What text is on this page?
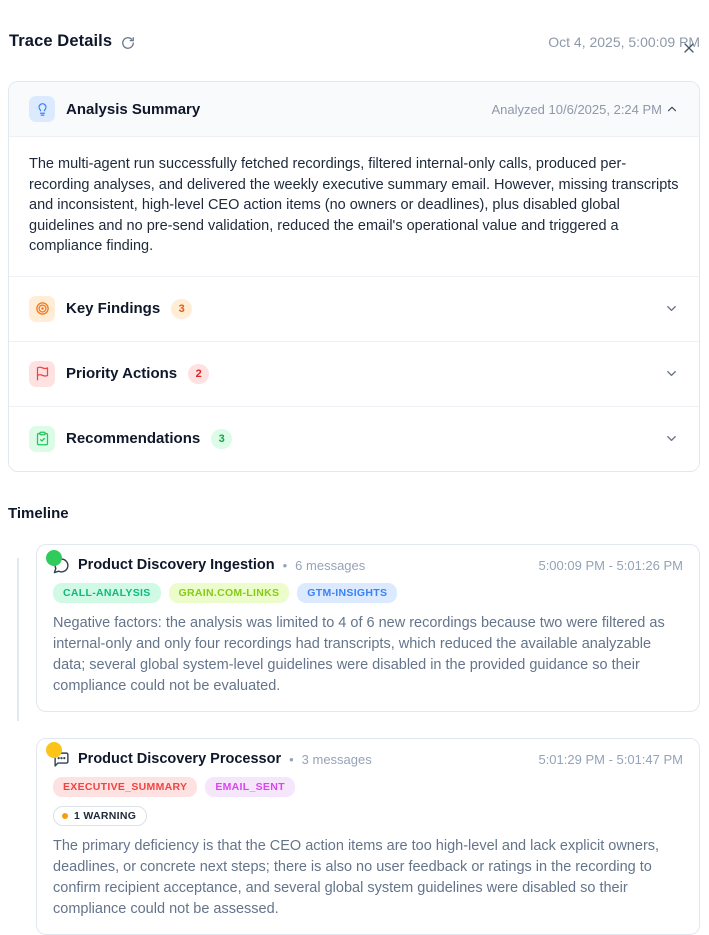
Trace Details	Oct 4, 2025, 5:00:09 PM
Analysis Summary	Analyzed 10/6/2025, 2:24 PM
The multi-agent run successfully fetched recordings, filtered internal-only calls, produced per-recording analyses, and delivered the weekly executive summary email. However, missing transcripts and inconsistent, high-level CEO action items (no owners or deadlines), plus disabled global guidelines and no pre-send validation, reduced the email's operational value and triggered a compliance finding.
Key Findings	3
Priority Actions	2
Recommendations	3
Timeline
Product Discovery Ingestion • 6 messages	5:00:09 PM - 5:01:26 PM
CALL-ANALYSIS	GRAIN.COM-LINKS	GTM-INSIGHTS
Negative factors: the analysis was limited to 4 of 6 new recordings because two were filtered as internal-only and only four recordings had transcripts, which reduced the available analyzable data; several global system-level guidelines were disabled in the provided guidance so their compliance could not be evaluated.
Product Discovery Processor • 3 messages	5:01:29 PM - 5:01:47 PM
EXECUTIVE_SUMMARY	EMAIL_SENT
1 WARNING
The primary deficiency is that the CEO action items are too high-level and lack explicit owners, deadlines, or concrete next steps; there is also no user feedback or ratings in the recording to confirm recipient acceptance, and several global system guidelines were disabled so their compliance could not be assessed.
